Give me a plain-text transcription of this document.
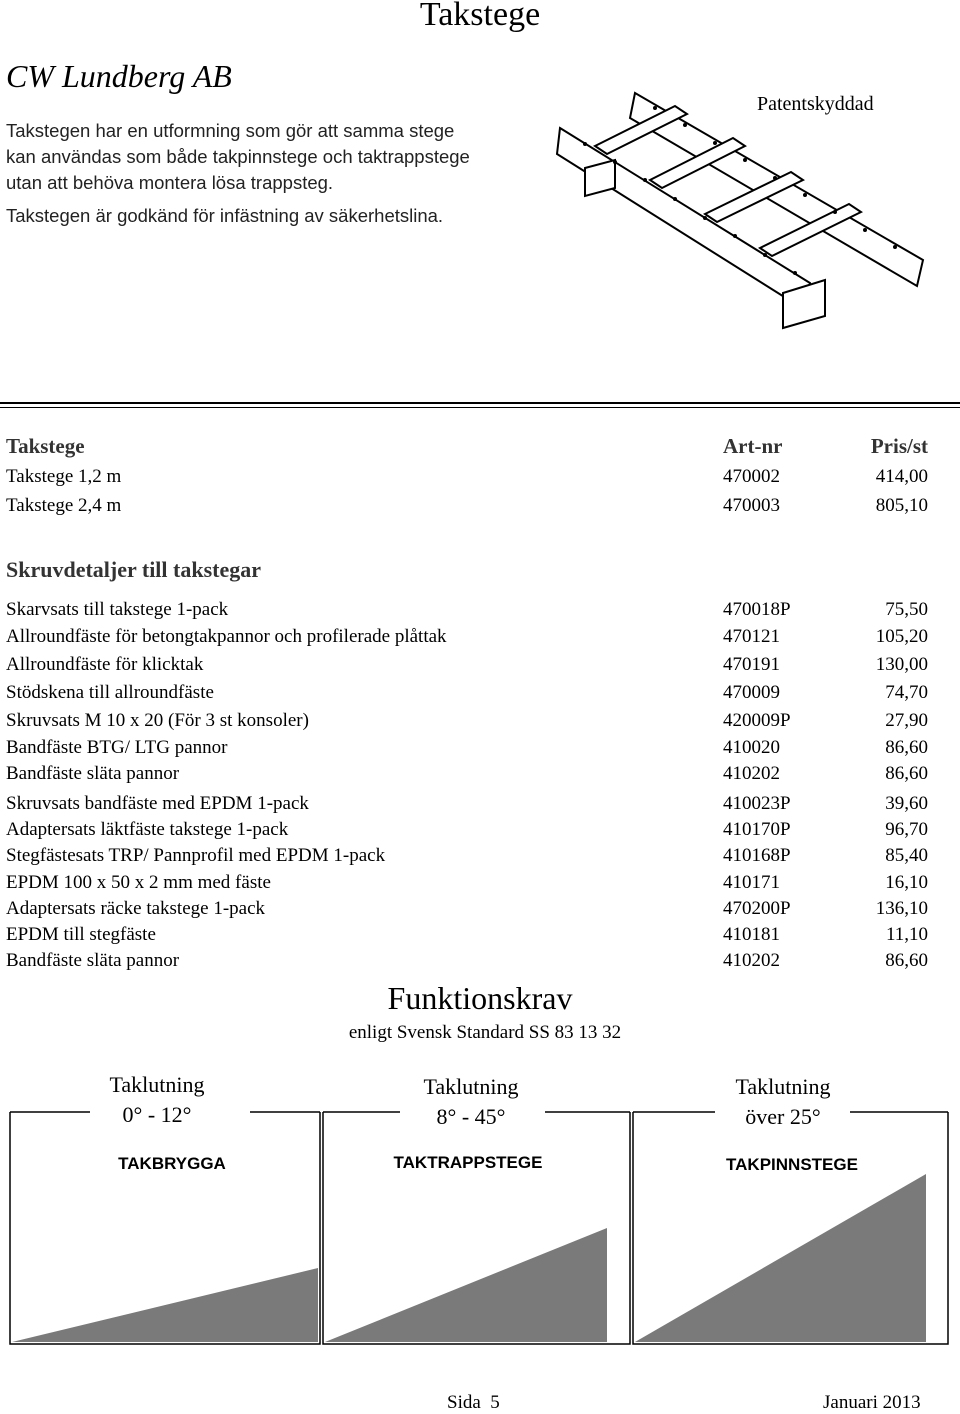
Takstege
CW Lundberg AB
Takstegen har en utformning som gör att samma stege
kan användas som både takpinnstege och taktrappstege
utan att behöva montera lösa trappsteg.
Takstegen är godkänd för infästning av säkerhetslina.
Patentskyddad
Takstege	Art-nr	Pris/st
Takstege 1,2 m	470002	414,00
Takstege 2,4 m	470003	805,10
Skruvdetaljer till takstegar
Skarvsats till takstege 1-pack	470018P	75,50
Allroundfäste för betongtakpannor och profilerade plåttak	470121	105,20
Allroundfäste för klicktak	470191	130,00
Stödskena till allroundfäste	470009	74,70
Skruvsats M 10 x 20 (För 3 st konsoler)	420009P	27,90
Bandfäste BTG/ LTG pannor	410020	86,60
Bandfäste släta pannor	410202	86,60
Skruvsats bandfäste med EPDM 1-pack	410023P	39,60
Adaptersats läktfäste takstege 1-pack	410170P	96,70
Stegfästesats TRP/ Pannprofil med EPDM 1-pack	410168P	85,40
EPDM 100 x 50 x 2 mm med fäste	410171	16,10
Adaptersats räcke takstege 1-pack	470200P	136,10
EPDM till stegfäste	410181	11,10
Bandfäste släta pannor	410202	86,60
Funktionskrav
enligt Svensk Standard SS 83 13 32
Taklutning
0° - 12°
Taklutning
8° - 45°
Taklutning
över 25°
TAKBRYGGA	TAKTRAPPSTEGE	TAKPINNSTEGE
Sida  5	Januari 2013
